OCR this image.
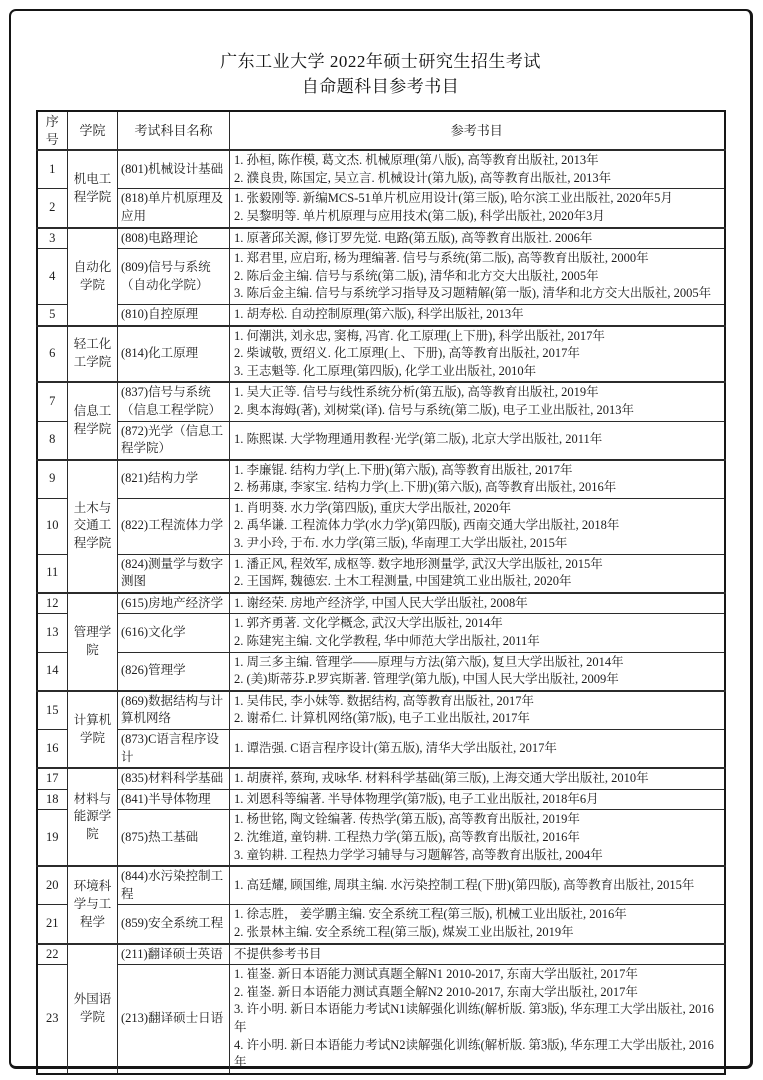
广东工业大学 2022年硕士研究生招生考试
自命题科目参考书目
序号	学院	考试科目名称	参考书目
1	机电工程学院	(801)机械设计基础	1. 孙桓, 陈作模, 葛文杰. 机械原理(第八版), 高等教育出版社, 2013年
2. 濮良贵, 陈国定, 吴立言. 机械设计(第九版), 高等教育出版社, 2013年

2		(818)单片机原理及应用	1. 张毅刚等. 新编MCS-51单片机应用设计(第三版), 哈尔滨工业出版社, 2020年5月
2. 吴黎明等. 单片机原理与应用技术(第二版), 科学出版社, 2020年3月

3	自动化学院	(808)电路理论	1. 原著邱关源, 修订罗先觉. 电路(第五版), 高等教育出版社. 2006年

4		(809)信号与系统（自动化学院）	1. 郑君里, 应启珩, 杨为理编著. 信号与系统(第二版), 高等教育出版社, 2000年
2. 陈后金主编. 信号与系统(第二版), 清华和北方交大出版社, 2005年
3. 陈后金主编. 信号与系统学习指导及习题精解(第一版), 清华和北方交大出版社, 2005年

5		(810)自控原理	1. 胡寿松. 自动控制原理(第六版), 科学出版社, 2013年

6	轻工化工学院	(814)化工原理	1. 何潮洪, 刘永忠, 窦梅, 冯宵. 化工原理(上下册), 科学出版社, 2017年
2. 柴诚敬, 贾绍义. 化工原理(上、下册), 高等教育出版社, 2017年
3. 王志魁等. 化工原理(第四版), 化学工业出版社, 2010年

7	信息工程学院	(837)信号与系统（信息工程学院）	1. 吴大正等. 信号与线性系统分析(第五版), 高等教育出版社, 2019年
2. 奥本海姆(著), 刘树棠(译). 信号与系统(第二版), 电子工业出版社, 2013年

8		(872)光学（信息工程学院）	1. 陈熙谋. 大学物理通用教程·光学(第二版), 北京大学出版社, 2011年

9	土木与交通工程学院	(821)结构力学	1. 李廉锟. 结构力学(上.下册)(第六版), 高等教育出版社, 2017年
2. 杨茀康, 李家宝. 结构力学(上.下册)(第六版), 高等教育出版社, 2016年

10		(822)工程流体力学	1. 肖明葵. 水力学(第四版), 重庆大学出版社, 2020年
2. 禹华谦. 工程流体力学(水力学)(第四版), 西南交通大学出版社, 2018年
3. 尹小玲, 于布. 水力学(第三版), 华南理工大学出版社, 2015年

11		(824)测量学与数字测图	1. 潘正风, 程效军, 成枢等. 数字地形测量学, 武汉大学出版社, 2015年
2. 王国辉, 魏德宏. 土木工程测量, 中国建筑工业出版社, 2020年

12	管理学院	(615)房地产经济学	1. 谢经荣. 房地产经济学, 中国人民大学出版社, 2008年

13		(616)文化学	1. 郭齐勇著. 文化学概念, 武汉大学出版社, 2014年
2. 陈建宪主编. 文化学教程, 华中师范大学出版社, 2011年

14		(826)管理学	1. 周三多主编. 管理学——原理与方法(第六版), 复旦大学出版社, 2014年
2. (美)斯蒂芬.P.罗宾斯著. 管理学(第九版), 中国人民大学出版社, 2009年

15	计算机学院	(869)数据结构与计算机网络	1. 吴伟民, 李小妹等. 数据结构, 高等教育出版社, 2017年
2. 谢希仁. 计算机网络(第7版), 电子工业出版社, 2017年

16		(873)C语言程序设计	1. 谭浩强. C语言程序设计(第五版), 清华大学出版社, 2017年

17	材料与能源学院	(835)材料科学基础	1. 胡赓祥, 蔡珣, 戎咏华. 材料科学基础(第三版), 上海交通大学出版社, 2010年

18		(841)半导体物理	1. 刘恩科等编著. 半导体物理学(第7版), 电子工业出版社, 2018年6月

19		(875)热工基础	1. 杨世铭, 陶文铨编著. 传热学(第五版), 高等教育出版社, 2019年
2. 沈维道, 童钧耕. 工程热力学(第五版), 高等教育出版社, 2016年
3. 童钧耕. 工程热力学学习辅导与习题解答, 高等教育出版社, 2004年

20	环境科学与工程学	(844)水污染控制工程	1. 高廷耀, 顾国维, 周琪主编. 水污染控制工程(下册)(第四版), 高等教育出版社, 2015年

21		(859)安全系统工程	1. 徐志胜， 姜学鹏主编. 安全系统工程(第三版), 机械工业出版社, 2016年
2. 张景林主编. 安全系统工程(第三版), 煤炭工业出版社, 2019年

22	外国语学院	(211)翻译硕士英语	不提供参考书目

23		(213)翻译硕士日语	1. 崔崟. 新日本语能力测试真题全解N1 2010-2017, 东南大学出版社, 2017年
2. 崔崟. 新日本语能力测试真题全解N2 2010-2017, 东南大学出版社, 2017年
3. 许小明. 新日本语能力考试N1读解强化训练(解析版. 第3版), 华东理工大学出版社, 2016年
4. 许小明. 新日本语能力考试N2读解强化训练(解析版. 第3版), 华东理工大学出版社, 2016年
